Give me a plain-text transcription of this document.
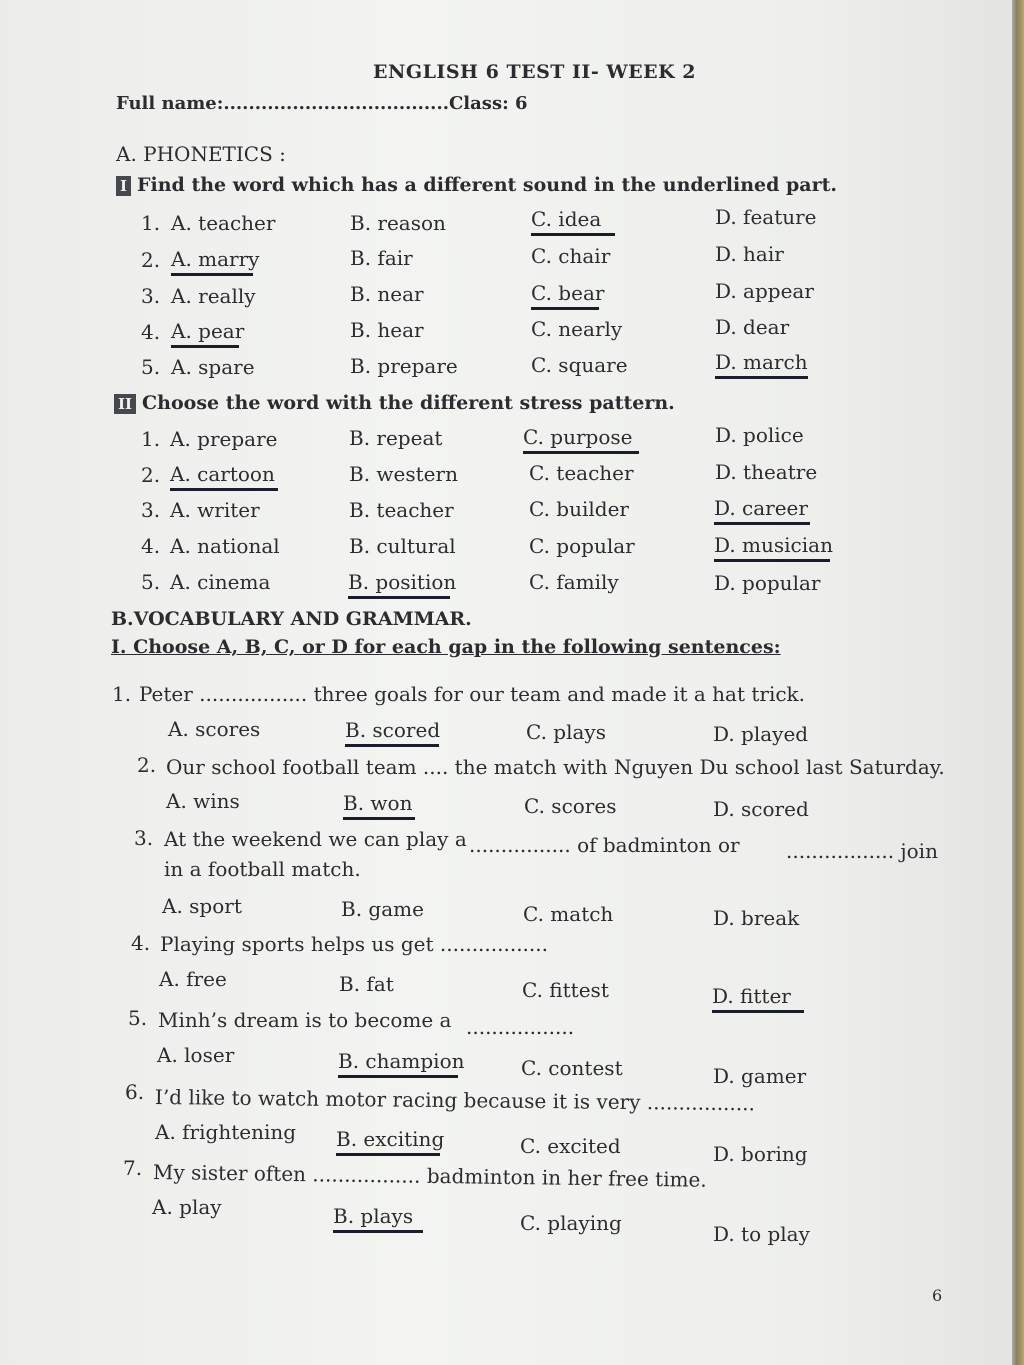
ENGLISH 6 TEST II- WEEK 2
Full name:....................................Class: 6
A. PHONETICS :
I Find the word which has a different sound in the underlined part.
1. A. teacher	B. reason	C. idea	D. feature
2. A. marry	B. fair	C. chair	D. hair
3. A. really	B. near	C. bear	D. appear
4. A. pear	B. hear	C. nearly	D. dear
5. A. spare	B. prepare	C. square	D. march
II Choose the word with the different stress pattern.
1. A. prepare	B. repeat	C. purpose	D. police
2. A. cartoon	B. western	C. teacher	D. theatre
3. A. writer	B. teacher	C. builder	D. career
4. A. national	B. cultural	C. popular	D. musician
5. A. cinema	B. position	C. family	D. popular
B.VOCABULARY AND GRAMMAR.
I. Choose A, B, C, or D for each gap in the following sentences:
1. Peter ................. three goals for our team and made it a hat trick.
A. scores	B. scored	C. plays	D. played
2. Our school football team .... the match with Nguyen Du school last Saturday.
A. wins	B. won	C. scores	D. scored
3. At the weekend we can play a ................ of badminton or ................. join
in a football match.
A. sport	B. game	C. match	D. break
4. Playing sports helps us get .................
A. free	B. fat	C. fittest	D. fitter
5. Minh’s dream is to become a .................
A. loser	B. champion	C. contest	D. gamer
6. I’d like to watch motor racing because it is very .................
A. frightening B. exciting	C. excited	D. boring
7. My sister often ................. badminton in her free time.
A. play	B. plays	C. playing	D. to play
6
